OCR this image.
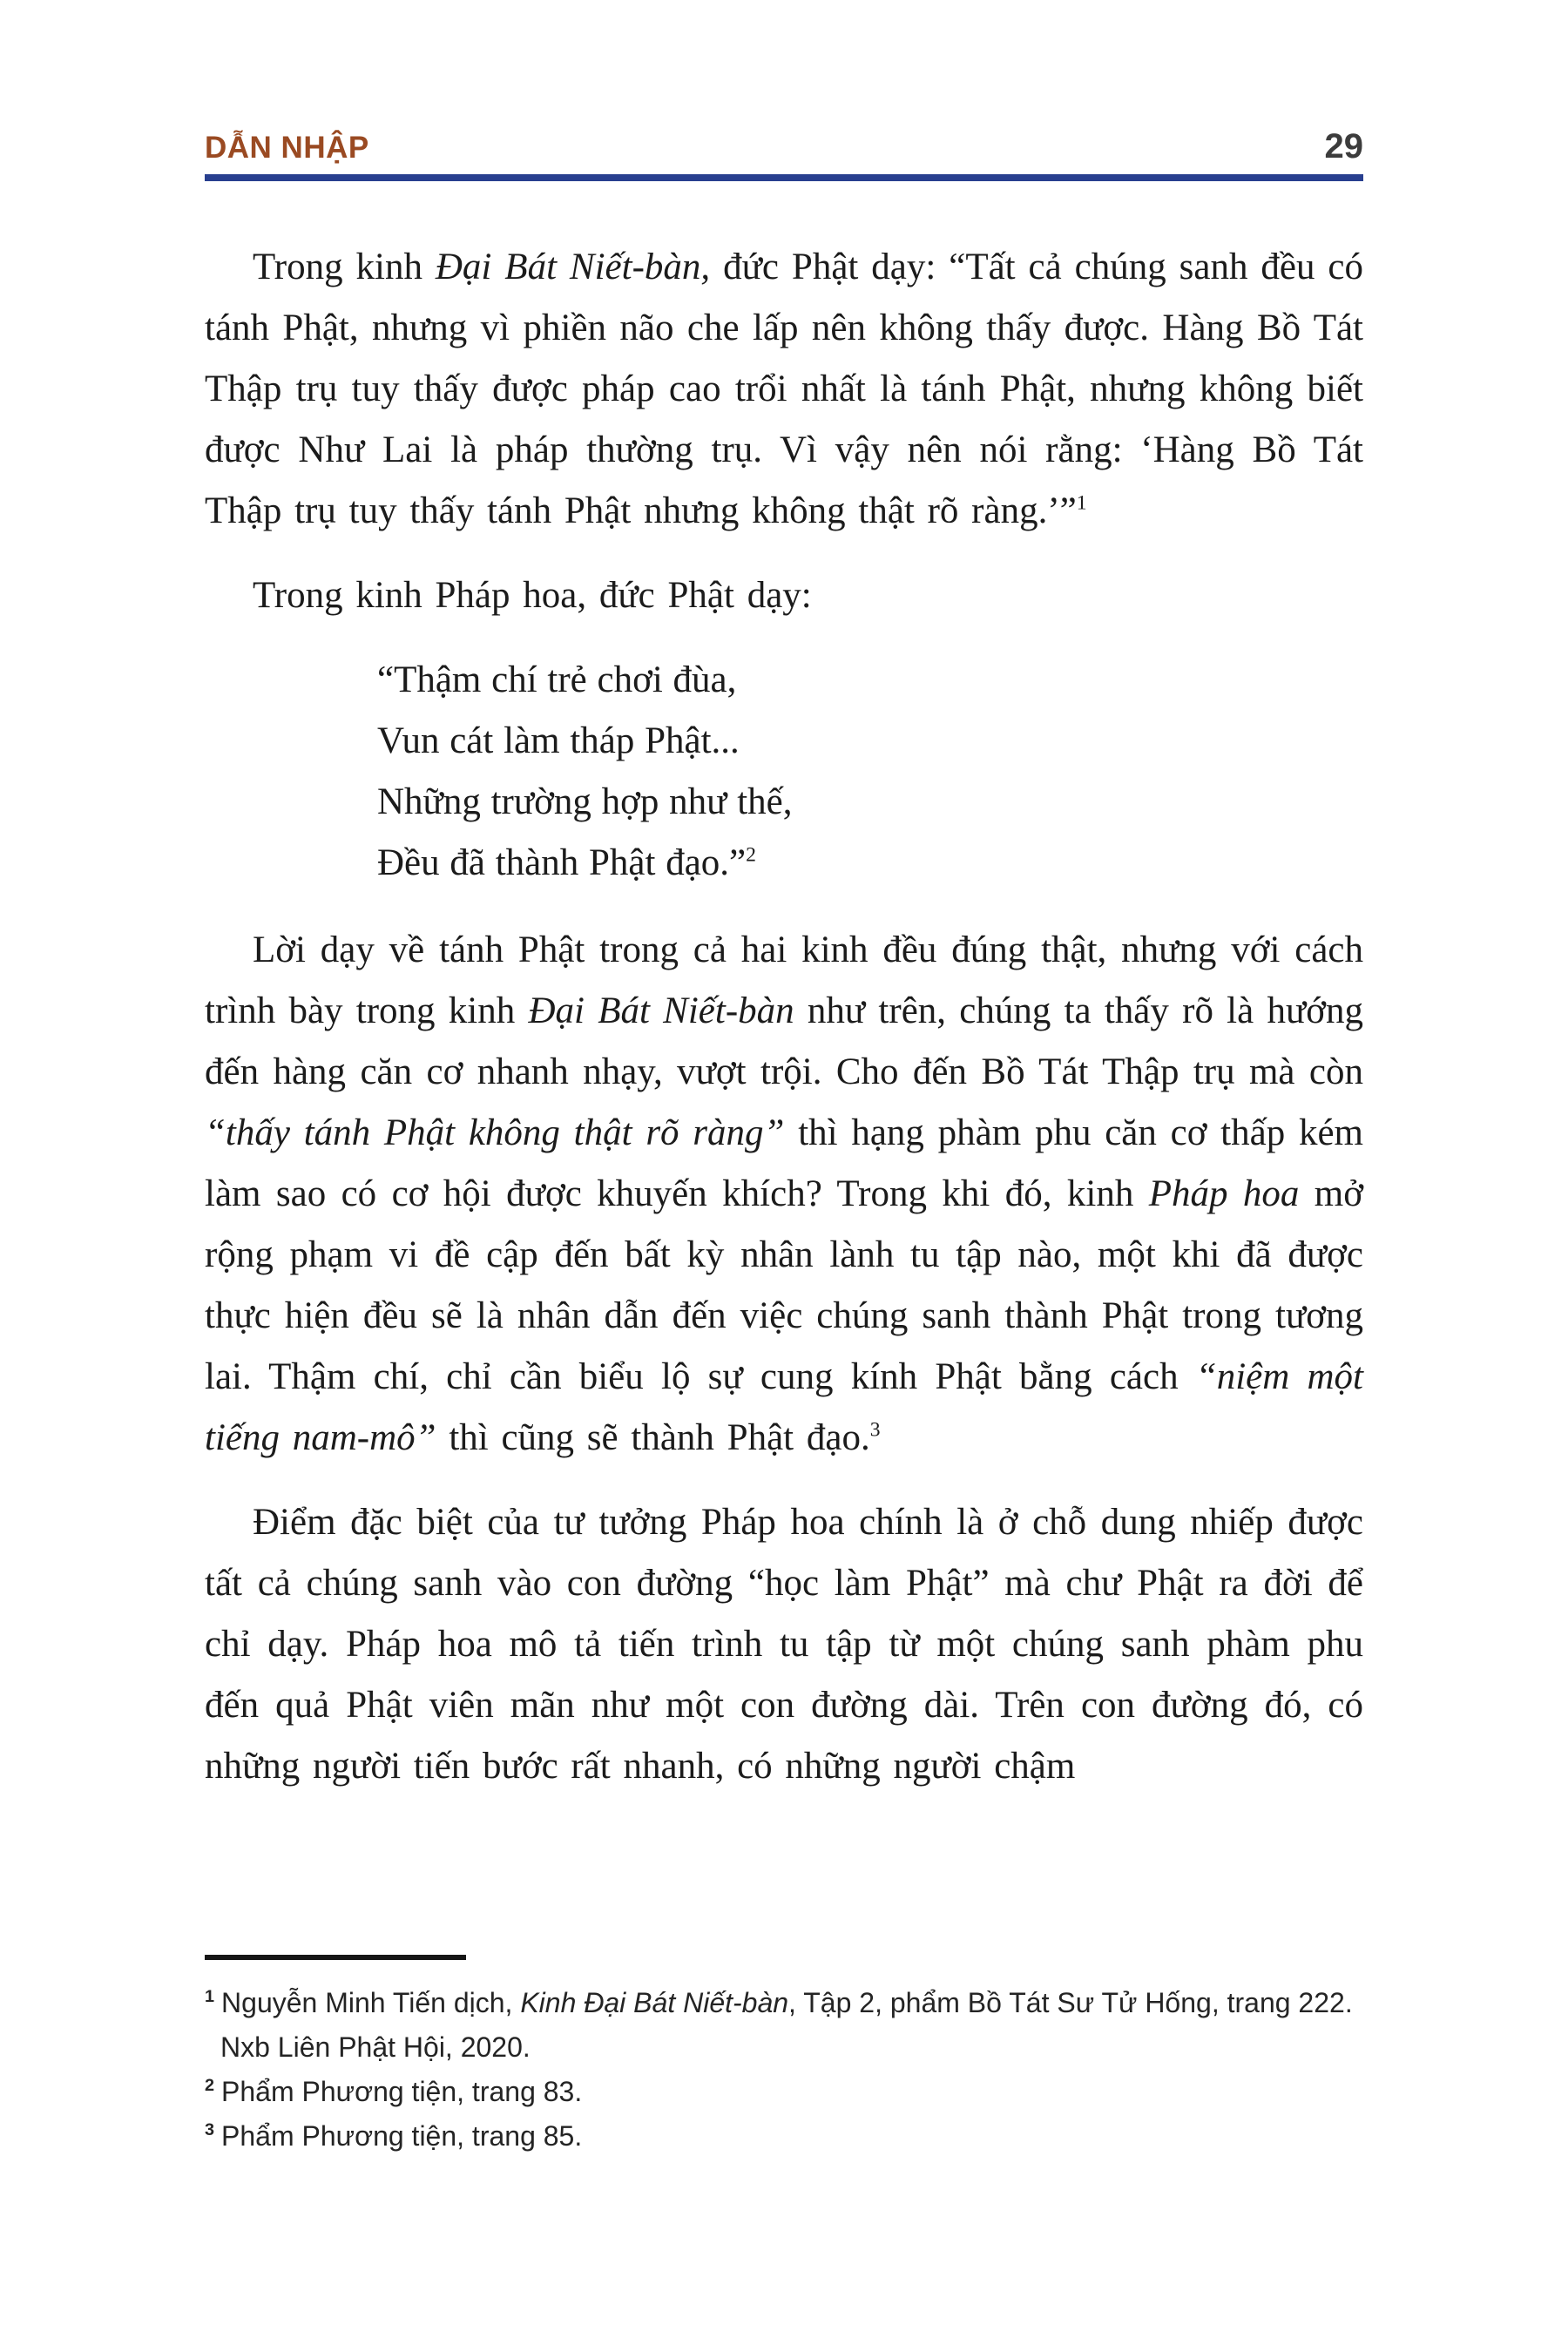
DẪN NHẬP	29

Trong kinh Đại Bát Niết-bàn, đức Phật dạy: “Tất cả chúng sanh đều có tánh Phật, nhưng vì phiền não che lấp nên không thấy được. Hàng Bồ Tát Thập trụ tuy thấy được pháp cao trổi nhất là tánh Phật, nhưng không biết được Như Lai là pháp thường trụ. Vì vậy nên nói rằng: ‘Hàng Bồ Tát Thập trụ tuy thấy tánh Phật nhưng không thật rõ ràng.’”$^1$

Trong kinh Pháp hoa, đức Phật dạy:

“Thậm chí trẻ chơi đùa,
Vun cát làm tháp Phật...
Những trường hợp như thế,
Đều đã thành Phật đạo.”$^2$

Lời dạy về tánh Phật trong cả hai kinh đều đúng thật, nhưng với cách trình bày trong kinh Đại Bát Niết-bàn như trên, chúng ta thấy rõ là hướng đến hàng căn cơ nhanh nhạy, vượt trội. Cho đến Bồ Tát Thập trụ mà còn “thấy tánh Phật không thật rõ ràng” thì hạng phàm phu căn cơ thấp kém làm sao có cơ hội được khuyến khích? Trong khi đó, kinh Pháp hoa mở rộng phạm vi đề cập đến bất kỳ nhân lành tu tập nào, một khi đã được thực hiện đều sẽ là nhân dẫn đến việc chúng sanh thành Phật trong tương lai. Thậm chí, chỉ cần biểu lộ sự cung kính Phật bằng cách “niệm một tiếng nam-mô” thì cũng sẽ thành Phật đạo.$^3$

Điểm đặc biệt của tư tưởng Pháp hoa chính là ở chỗ dung nhiếp được tất cả chúng sanh vào con đường “học làm Phật” mà chư Phật ra đời để chỉ dạy. Pháp hoa mô tả tiến trình tu tập từ một chúng sanh phàm phu đến quả Phật viên mãn như một con đường dài. Trên con đường đó, có những người tiến bước rất nhanh, có những người chậm

$^1$ Nguyễn Minh Tiến dịch, Kinh Đại Bát Niết-bàn, Tập 2, phẩm Bồ Tát Sư Tử Hống, trang 222. Nxb Liên Phật Hội, 2020.
$^2$ Phẩm Phương tiện, trang 83.
$^3$ Phẩm Phương tiện, trang 85.
